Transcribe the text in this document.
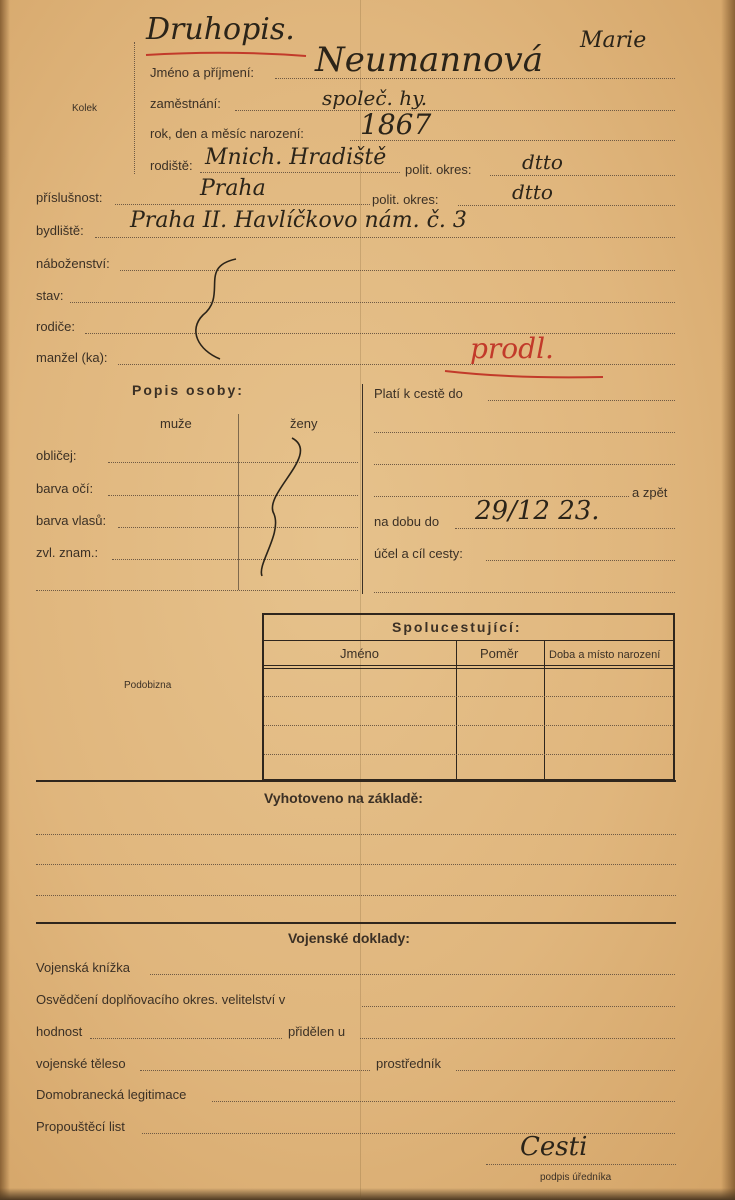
Kolek
Druhopis.	Marie
Jméno a příjmení: Neumannová
zaměstnání:	společ. hy.
rok, den a měsíc narození: 1867
rodiště: Mnich. Hradiště polit. okres:	dtto
příslušnost:	Praha	polit. okres:	dtto
bydliště: Praha II. Havlíčkovo nám. č. 3
náboženství:
stav:
rodiče:
manžel (ka):	prodl.
Popis osoby:
muže	ženy
obličej:
barva očí:
barva vlasů:
zvl. znam.:
Platí k cestě do
a zpět
na dobu do 29/12 23.
účel a cíl cesty:
Podobizna
Spolucestující:
Jméno	Poměr	Doba a místo narození
Vyhotoveno na základě:
Vojenské doklady:
Vojenská knížka
Osvědčení doplňovacího okres. velitelství v
hodnost	přidělen u
vojenské těleso	prostředník
Domobranecká legitimace
Propouštěcí list
Cesti
podpis úředníka
